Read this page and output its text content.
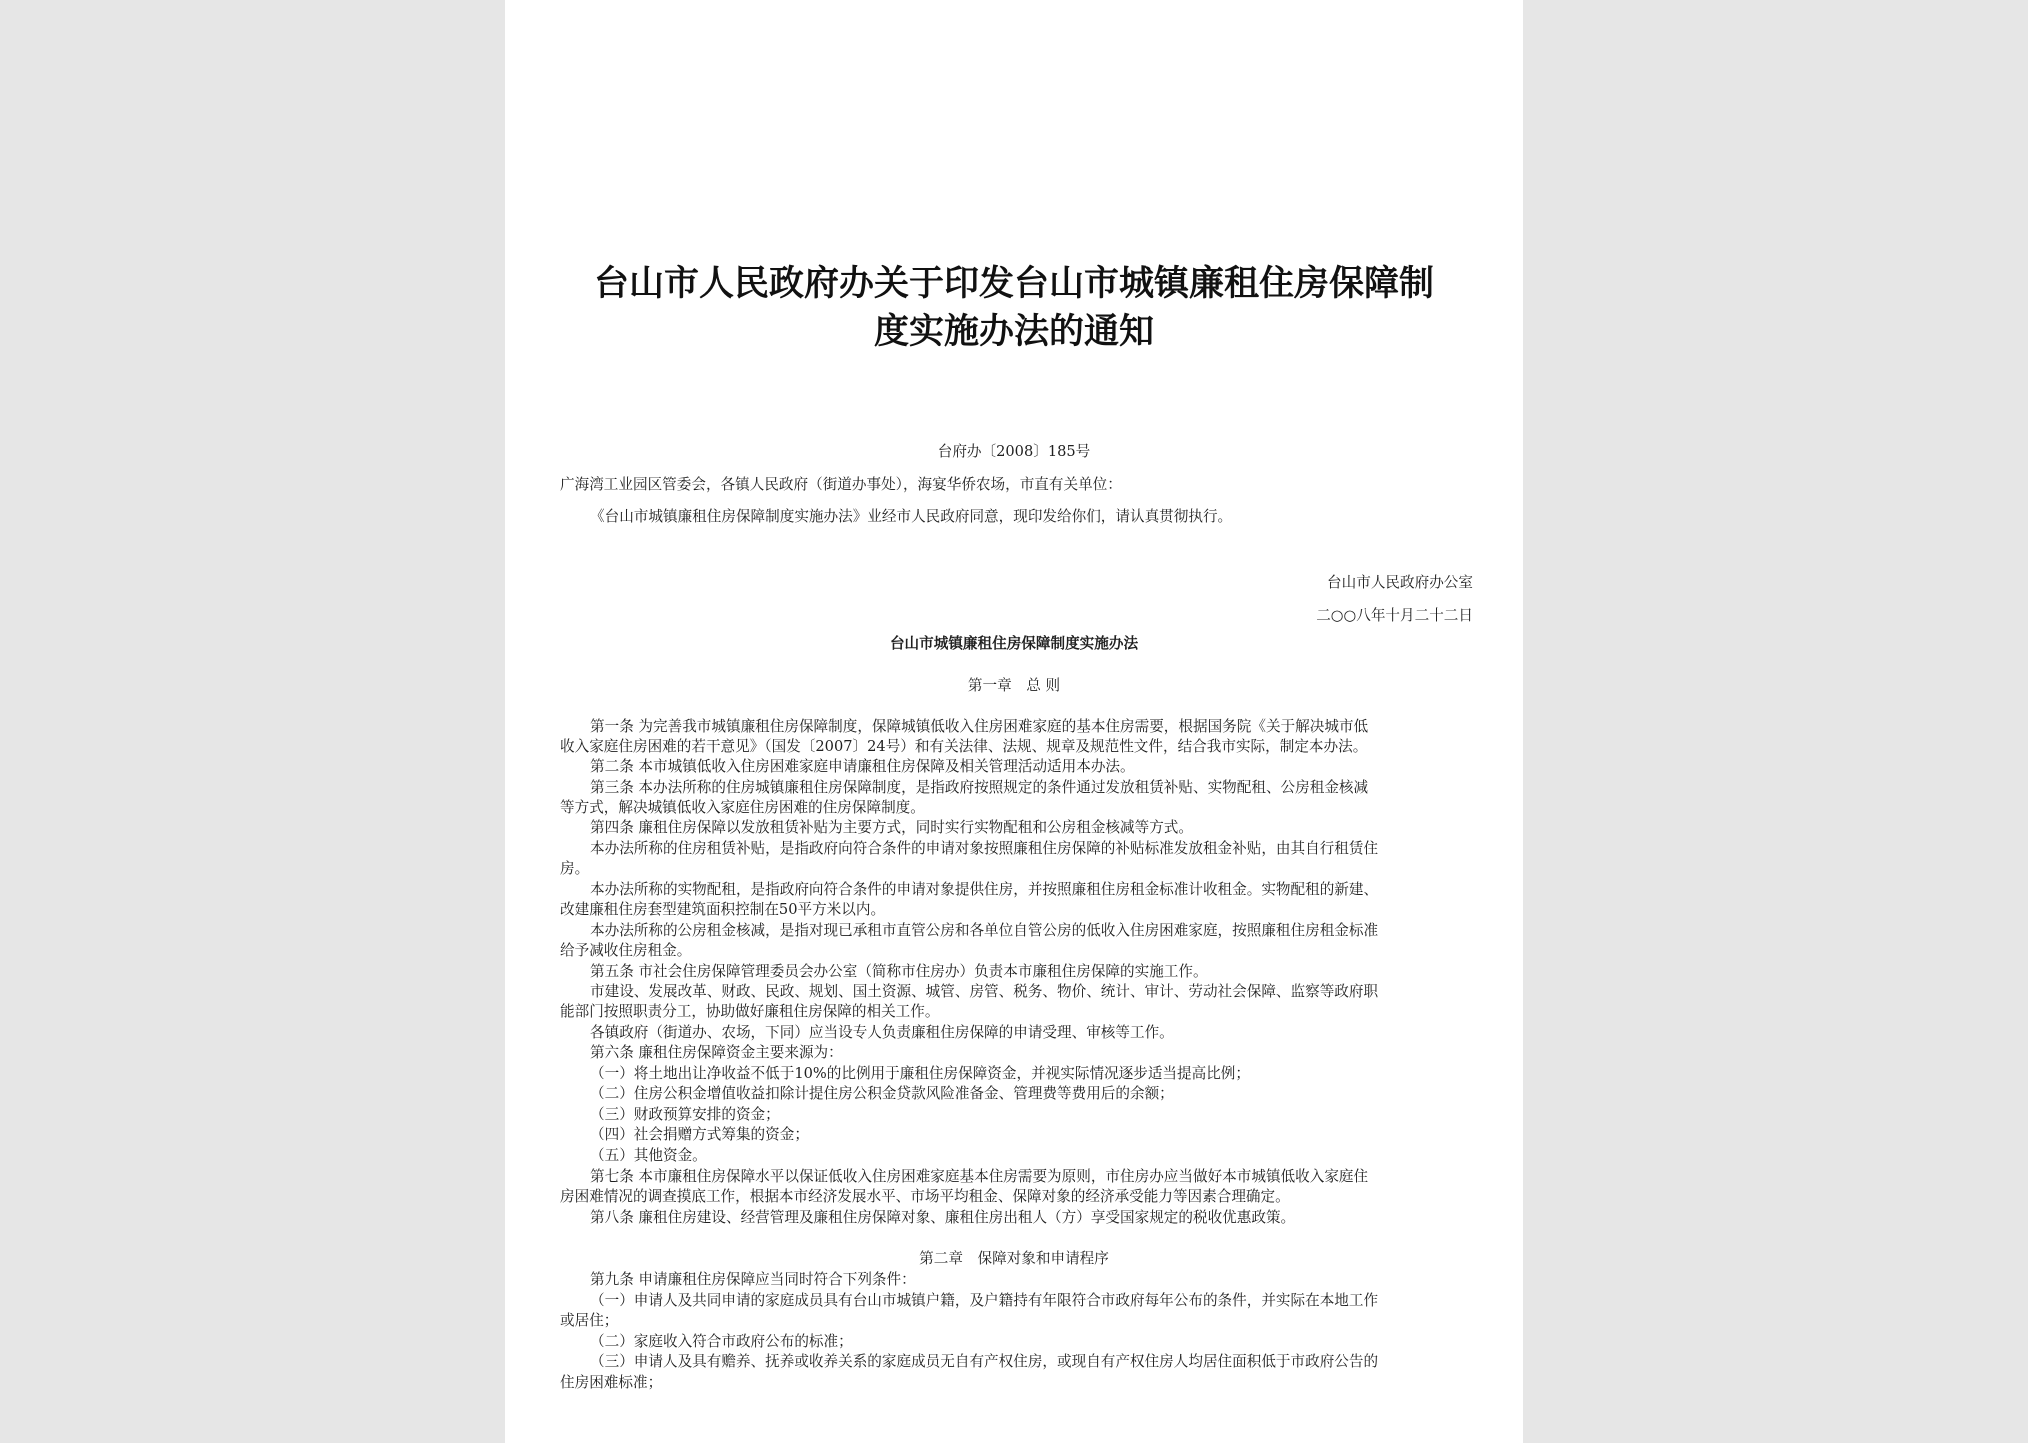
台山市人民政府办关于印发台山市城镇廉租住房保障制
度实施办法的通知
台府办〔2008〕185号
广海湾工业园区管委会，各镇人民政府（街道办事处），海宴华侨农场，市直有关单位：
《台山市城镇廉租住房保障制度实施办法》业经市人民政府同意，现印发给你们，请认真贯彻执行。
台山市人民政府办公室
二○○八年十月二十二日
台山市城镇廉租住房保障制度实施办法
第一章　总 则
第一条 为完善我市城镇廉租住房保障制度，保障城镇低收入住房困难家庭的基本住房需要，根据国务院《关于解决城市低
收入家庭住房困难的若干意见》（国发〔2007〕24号）和有关法律、法规、规章及规范性文件，结合我市实际，制定本办法。
第二条 本市城镇低收入住房困难家庭申请廉租住房保障及相关管理活动适用本办法。
第三条 本办法所称的住房城镇廉租住房保障制度，是指政府按照规定的条件通过发放租赁补贴、实物配租、公房租金核减
等方式，解决城镇低收入家庭住房困难的住房保障制度。
第四条 廉租住房保障以发放租赁补贴为主要方式，同时实行实物配租和公房租金核减等方式。
本办法所称的住房租赁补贴，是指政府向符合条件的申请对象按照廉租住房保障的补贴标准发放租金补贴，由其自行租赁住
房。
本办法所称的实物配租，是指政府向符合条件的申请对象提供住房，并按照廉租住房租金标准计收租金。实物配租的新建、
改建廉租住房套型建筑面积控制在50平方米以内。
本办法所称的公房租金核减，是指对现已承租市直管公房和各单位自管公房的低收入住房困难家庭，按照廉租住房租金标准
给予减收住房租金。
第五条 市社会住房保障管理委员会办公室（简称市住房办）负责本市廉租住房保障的实施工作。
市建设、发展改革、财政、民政、规划、国土资源、城管、房管、税务、物价、统计、审计、劳动社会保障、监察等政府职
能部门按照职责分工，协助做好廉租住房保障的相关工作。
各镇政府（街道办、农场，下同）应当设专人负责廉租住房保障的申请受理、审核等工作。
第六条 廉租住房保障资金主要来源为：
（一）将土地出让净收益不低于10%的比例用于廉租住房保障资金，并视实际情况逐步适当提高比例；
（二）住房公积金增值收益扣除计提住房公积金贷款风险准备金、管理费等费用后的余额；
（三）财政预算安排的资金；
（四）社会捐赠方式筹集的资金；
（五）其他资金。
第七条 本市廉租住房保障水平以保证低收入住房困难家庭基本住房需要为原则，市住房办应当做好本市城镇低收入家庭住
房困难情况的调查摸底工作，根据本市经济发展水平、市场平均租金、保障对象的经济承受能力等因素合理确定。
第八条 廉租住房建设、经营管理及廉租住房保障对象、廉租住房出租人（方）享受国家规定的税收优惠政策。
第二章　保障对象和申请程序
第九条 申请廉租住房保障应当同时符合下列条件：
（一）申请人及共同申请的家庭成员具有台山市城镇户籍，及户籍持有年限符合市政府每年公布的条件，并实际在本地工作
或居住；
（二）家庭收入符合市政府公布的标准；
（三）申请人及具有赡养、抚养或收养关系的家庭成员无自有产权住房，或现自有产权住房人均居住面积低于市政府公告的
住房困难标准；
